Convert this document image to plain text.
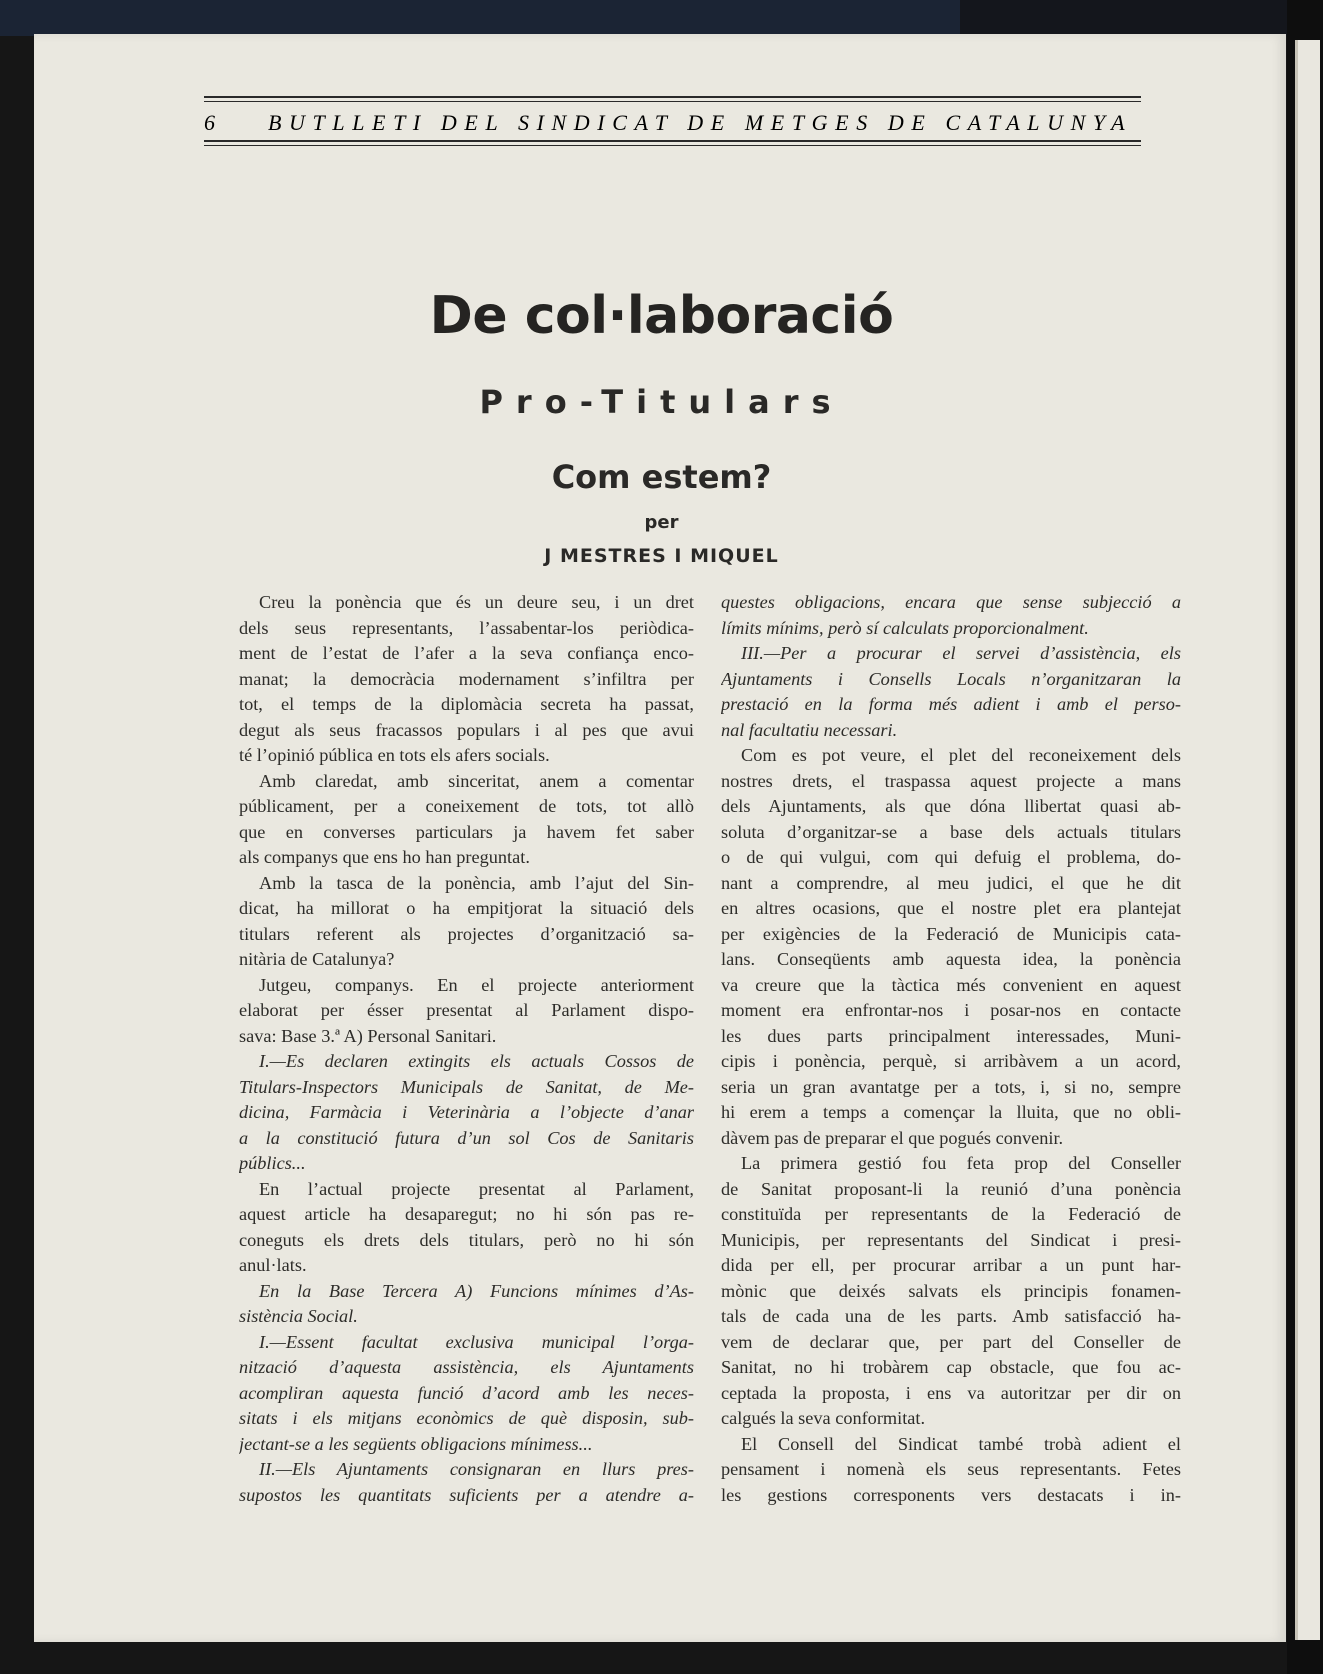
6 BUTLLETI DEL SINDICAT DE METGES DE CATALUNYA
De col·laboració
Pro-Titulars
Com estem?
per
J MESTRES I MIQUEL
Creu la ponència que és un deure seu, i un dret
dels seus representants, l’assabentar-los periòdica-
ment de l’estat de l’afer a la seva confiança enco-
manat; la democràcia modernament s’infiltra per
tot, el temps de la diplomàcia secreta ha passat,
degut als seus fracassos populars i al pes que avui
té l’opinió pública en tots els afers socials.
Amb claredat, amb sinceritat, anem a comentar
públicament, per a coneixement de tots, tot allò
que en converses particulars ja havem fet saber
als companys que ens ho han preguntat.
Amb la tasca de la ponència, amb l’ajut del Sin-
dicat, ha millorat o ha empitjorat la situació dels
titulars referent als projectes d’organització sa-
nitària de Catalunya?
Jutgeu, companys. En el projecte anteriorment
elaborat per ésser presentat al Parlament dispo-
sava: Base 3.ª A) Personal Sanitari.
I.—Es declaren extingits els actuals Cossos de
Titulars-Inspectors Municipals de Sanitat, de Me-
dicina, Farmàcia i Veterinària a l’objecte d’anar
a la constitució futura d’un sol Cos de Sanitaris
públics...
En l’actual projecte presentat al Parlament,
aquest article ha desaparegut; no hi són pas re-
coneguts els drets dels titulars, però no hi són
anul·lats.
En la Base Tercera A) Funcions mínimes d’As-
sistència Social.
I.—Essent facultat exclusiva municipal l’orga-
nització d’aquesta assistència, els Ajuntaments
acompliran aquesta funció d’acord amb les neces-
sitats i els mitjans econòmics de què disposin, sub-
jectant-se a les següents obligacions mínimess...
II.—Els Ajuntaments consignaran en llurs pres-
supostos les quantitats suficients per a atendre a-
questes obligacions, encara que sense subjecció a
límits mínims, però sí calculats proporcionalment.
III.—Per a procurar el servei d’assistència, els
Ajuntaments i Consells Locals n’organitzaran la
prestació en la forma més adient i amb el perso-
nal facultatiu necessari.
Com es pot veure, el plet del reconeixement dels
nostres drets, el traspassa aquest projecte a mans
dels Ajuntaments, als que dóna llibertat quasi ab-
soluta d’organitzar-se a base dels actuals titulars
o de qui vulgui, com qui defuig el problema, do-
nant a comprendre, al meu judici, el que he dit
en altres ocasions, que el nostre plet era plantejat
per exigències de la Federació de Municipis cata-
lans. Conseqüents amb aquesta idea, la ponència
va creure que la tàctica més convenient en aquest
moment era enfrontar-nos i posar-nos en contacte
les dues parts principalment interessades, Muni-
cipis i ponència, perquè, si arribàvem a un acord,
seria un gran avantatge per a tots, i, si no, sempre
hi erem a temps a començar la lluita, que no obli-
dàvem pas de preparar el que pogués convenir.
La primera gestió fou feta prop del Conseller
de Sanitat proposant-li la reunió d’una ponència
constituïda per representants de la Federació de
Municipis, per representants del Sindicat i presi-
dida per ell, per procurar arribar a un punt har-
mònic que deixés salvats els principis fonamen-
tals de cada una de les parts. Amb satisfacció ha-
vem de declarar que, per part del Conseller de
Sanitat, no hi trobàrem cap obstacle, que fou ac-
ceptada la proposta, i ens va autoritzar per dir on
calgués la seva conformitat.
El Consell del Sindicat també trobà adient el
pensament i nomenà els seus representants. Fetes
les gestions corresponents vers destacats i in-
